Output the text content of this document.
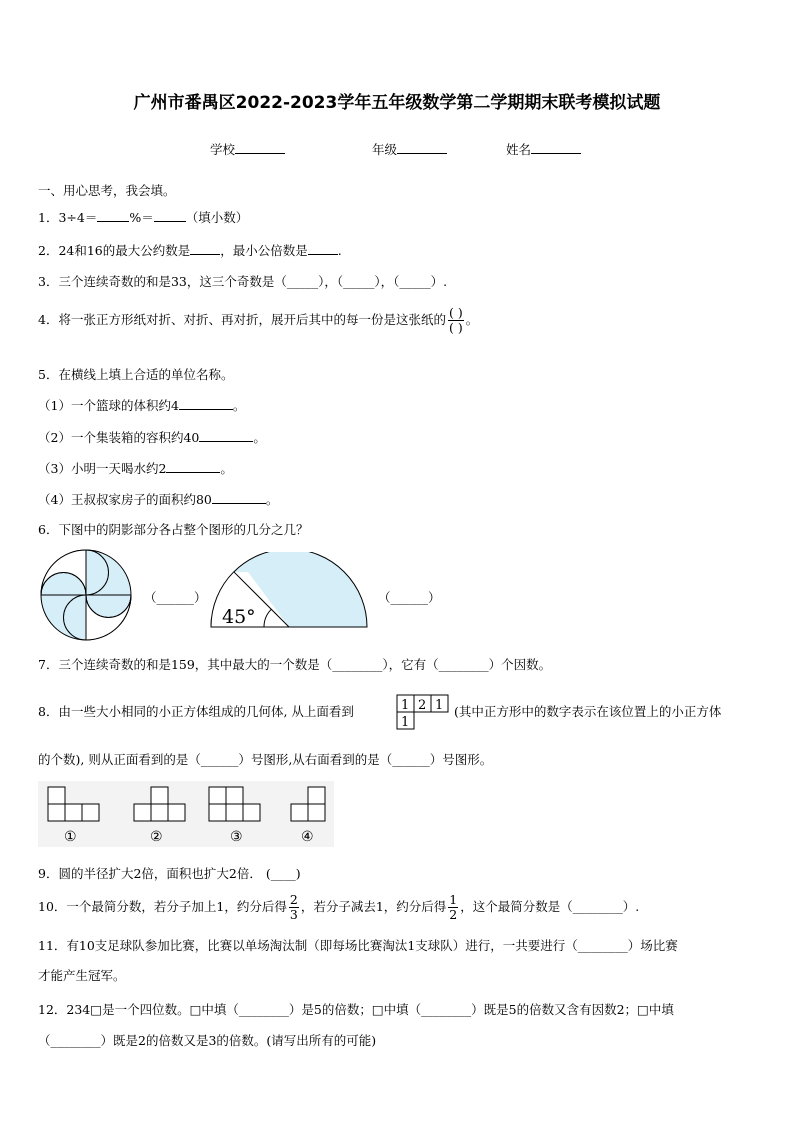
广州市番禺区2022-2023学年五年级数学第二学期期末联考模拟试题
学校	年级	姓名
一、用心思考，我会填。
1．3÷4＝	%＝	（填小数）
2．24和16的最大公约数是 ，最小公倍数是 .
3．三个连续奇数的和是33，这三个奇数是（_____），（_____），（_____）.
4．将一张正方形纸对折、对折、再对折，展开后其中的每一份是这张纸的 $\frac{( )}{( )}$ 。
5．在横线上填上合适的单位名称。
（1）一个篮球的体积约4	。
（2）一个集装箱的容积约40	。
（3）小明一天喝水约2	。
（4）王叔叔家房子的面积约80	。
6．下图中的阴影部分各占整个图形的几分之几？
（______）
45°
（______）
7．三个连续奇数的和是159，其中最大的一个数是（________），它有（________）个因数。
8．由一些大小相同的小正方体组成的几何体, 从上面看到	1 2 1
1
(其中正方形中的数字表示在该位置上的小正方体
的个数), 则从正面看到的是（______）号图形,从右面看到的是（______）号图形。
①	②	③	④
9．圆的半径扩大2倍，面积也扩大2倍． (____)
10．一个最简分数，若分子加上1，约分后得 $\frac{2}{3}$ ，若分子减去1，约分后得 $\frac{1}{2}$ ，这个最简分数是（________）.
11．有10支足球队参加比赛，比赛以单场淘汰制（即每场比赛淘汰1支球队）进行，一共要进行（________）场比赛
才能产生冠军。
12．234□是一个四位数。□中填（________）是5的倍数；□中填（________）既是5的倍数又含有因数2；□中填
（________）既是2的倍数又是3的倍数。(请写出所有的可能)
